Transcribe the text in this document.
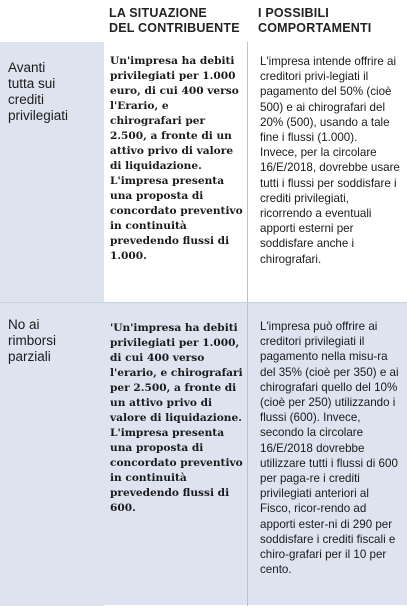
LA SITUAZIONE
DEL CONTRIBUENTE
I POSSIBILI
COMPORTAMENTI
Avanti
tutta sui
crediti
privilegiati

Un'impresa ha debiti privilegiati per 1.000 euro, di cui 400 verso l'Erario, e chirografari per 2.500, a fronte di un attivo privo di valore di liquidazione.

L'impresa presenta una proposta di concordato preventivo in continuità prevedendo flussi di 1.000.

L'impresa intende offrire ai creditori privi-legiati il pagamento del 50% (cioè 500) e ai chirografari del 20% (500), usando a tale fine i flussi (1.000).

Invece, per la circolare 16/E/2018, dovrebbe usare tutti i flussi per soddisfare i crediti privilegiati, ricorrendo a eventuali apporti esterni per soddisfare anche i chirografari.

No ai
rimborsi
parziali

'Un'impresa ha debiti privilegiati per 1.000, di cui 400 verso l'erario, e chirografari per 2.500, a fronte di un attivo privo di valore di liquidazione.

L'impresa presenta una proposta di concordato preventivo in continuità prevedendo flussi di 600.

L'impresa può offrire ai creditori privilegiati il pagamento nella misu-ra del 35% (cioè per 350) e ai chirografari quello del 10% (cioè per 250) utilizzando i flussi (600). Invece, secondo la circolare 16/E/2018 dovrebbe utilizzare tutti i flussi di 600 per paga-re i crediti privilegiati anteriori al Fisco, ricor-rendo ad apporti ester-ni di 290 per soddisfare i crediti fiscali e chiro-grafari per il 10 per cento.
